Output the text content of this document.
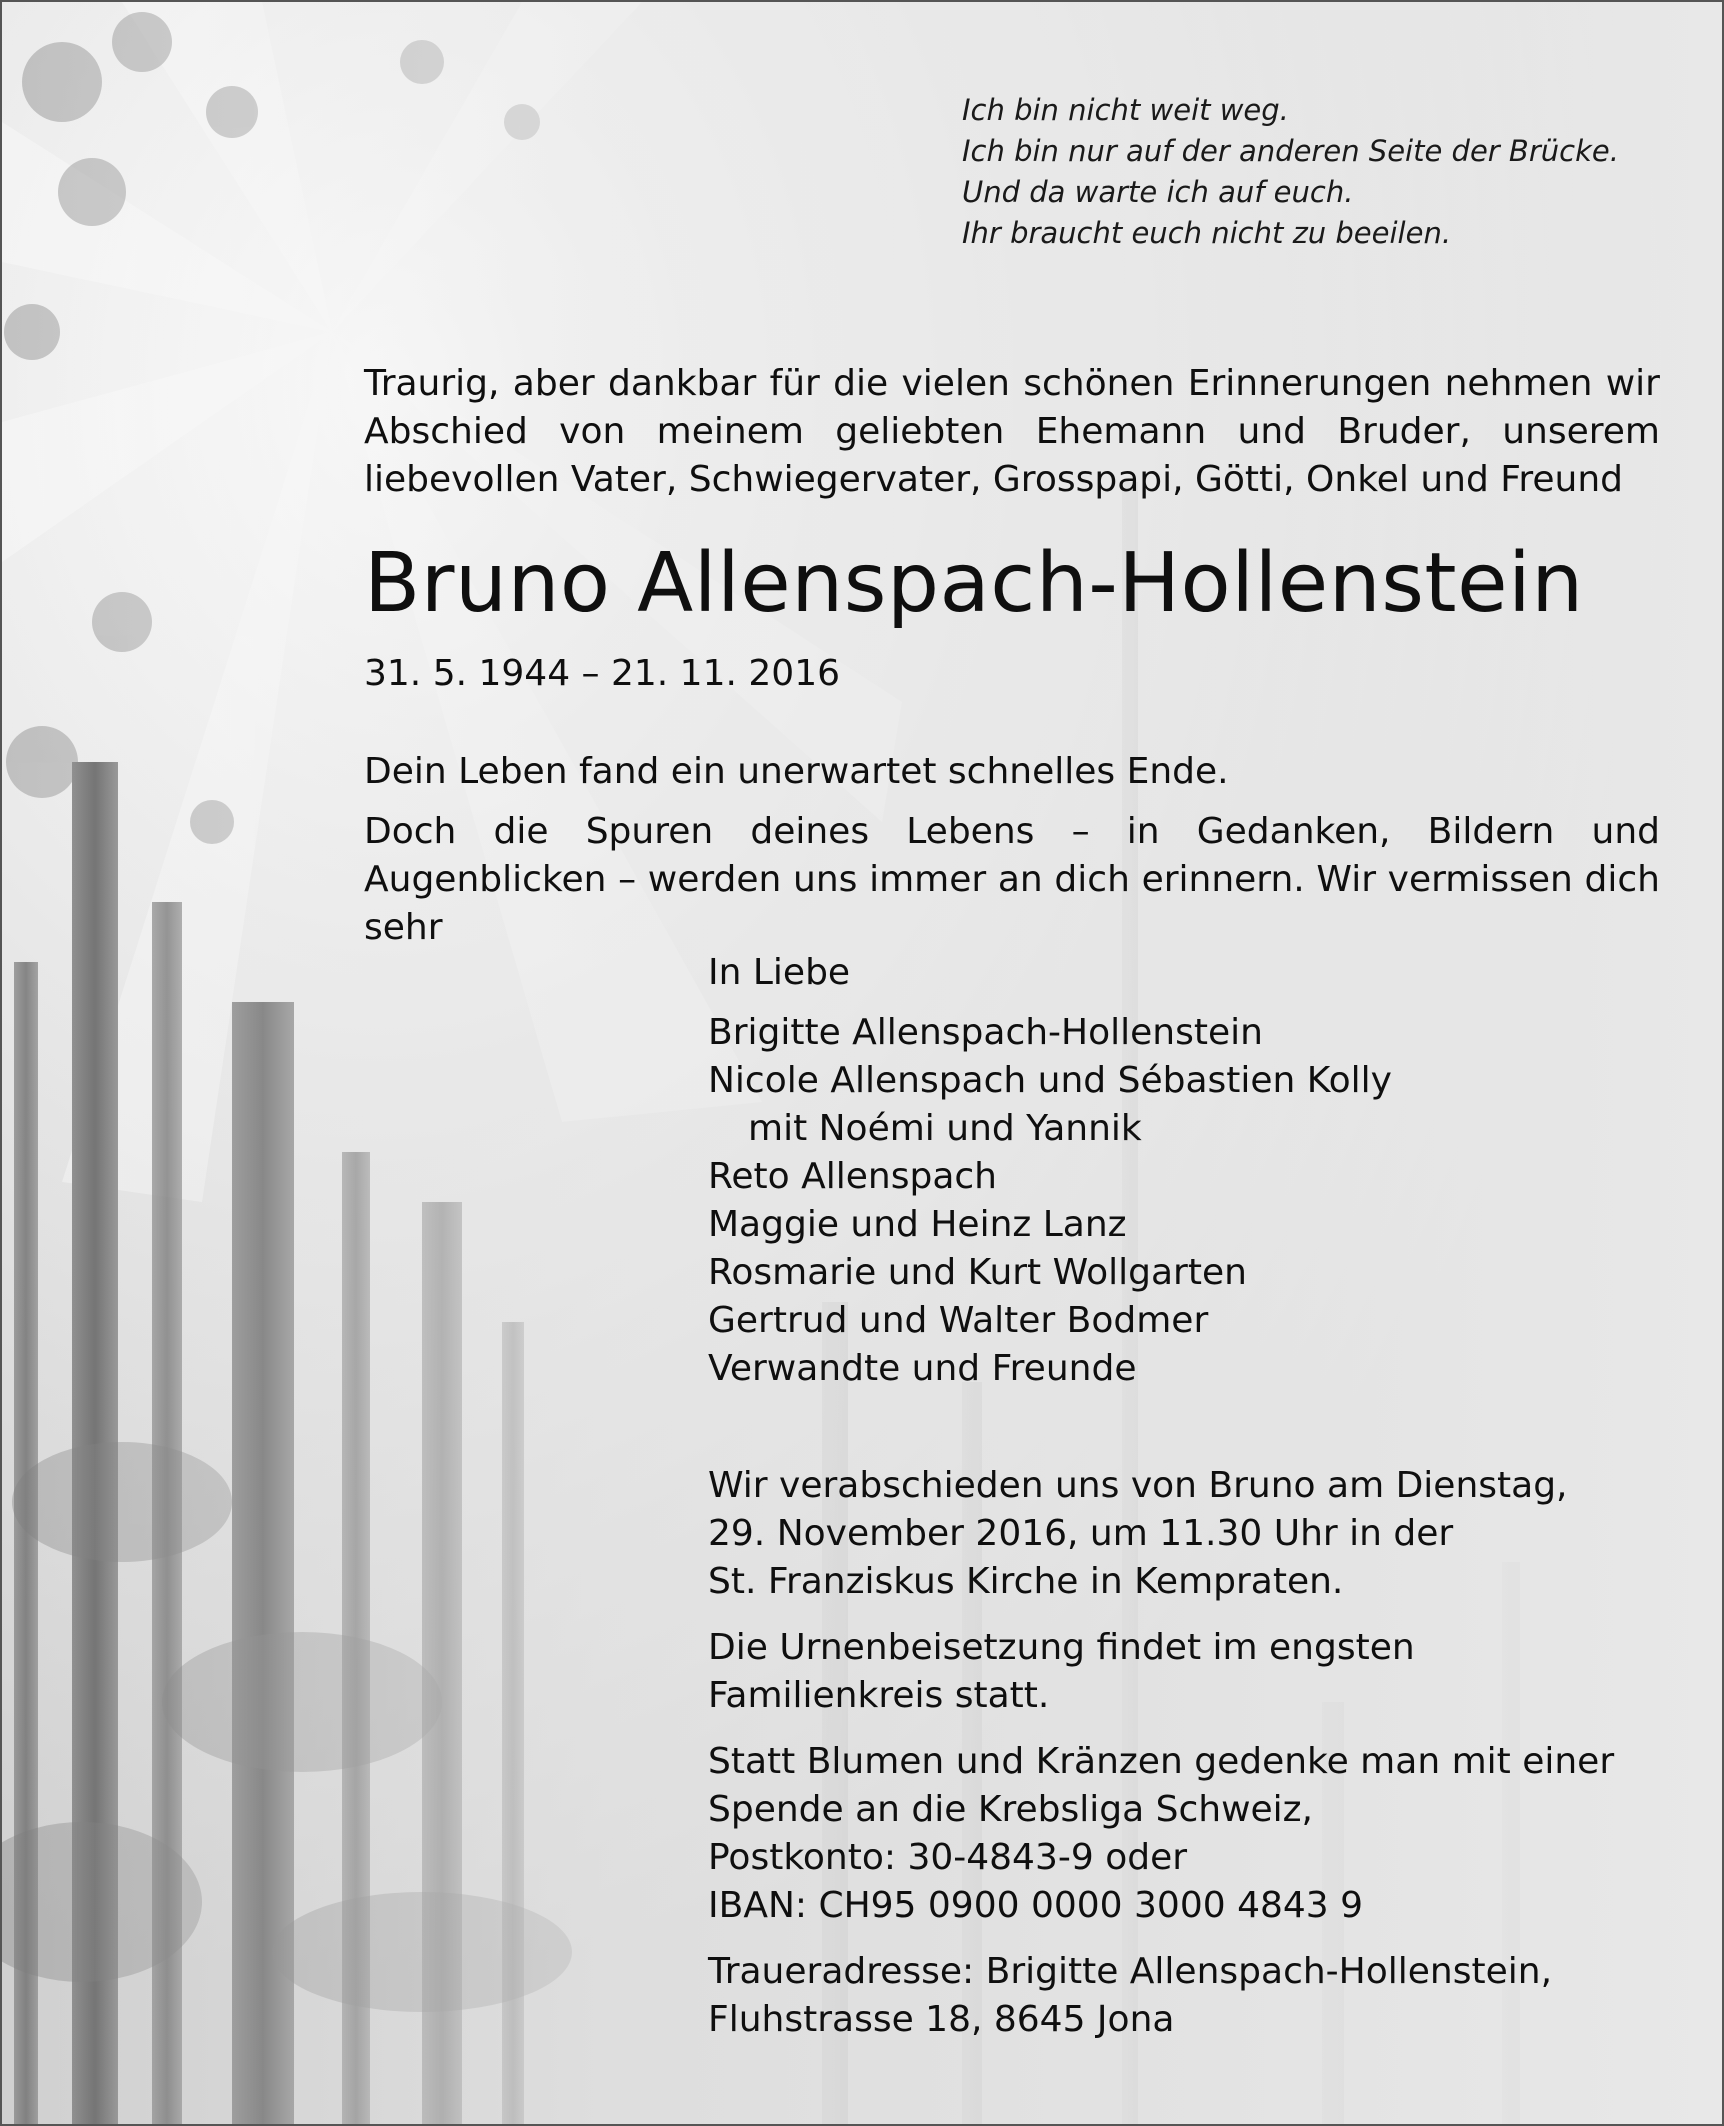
Ich bin nicht weit weg.
Ich bin nur auf der anderen Seite der Brücke.
Und da warte ich auf euch.
Ihr braucht euch nicht zu beeilen.
Traurig, aber dankbar für die vielen schönen Erinnerungen nehmen wir Abschied von meinem geliebten Ehemann und Bruder, unserem liebevollen Vater, Schwiegervater, Grosspapi, Götti, Onkel und Freund
Bruno Allenspach-Hollenstein
31. 5. 1944 – 21. 11. 2016

Dein Leben fand ein unerwartet schnelles Ende.

Doch die Spuren deines Lebens – in Gedanken, Bildern und Augenblicken – werden uns immer an dich erinnern. Wir vermissen dich sehr

In Liebe
Brigitte Allenspach-Hollenstein
Nicole Allenspach und Sébastien Kolly
mit Noémi und Yannik
Reto Allenspach
Maggie und Heinz Lanz
Rosmarie und Kurt Wollgarten
Gertrud und Walter Bodmer
Verwandte und Freunde

Wir verabschieden uns von Bruno am Dienstag,
29. November 2016, um 11.30 Uhr in der
St. Franziskus Kirche in Kempraten.

Die Urnenbeisetzung findet im engsten
Familienkreis statt.

Statt Blumen und Kränzen gedenke man mit einer
Spende an die Krebsliga Schweiz,
Postkonto: 30-4843-9 oder
IBAN: CH95 0900 0000 3000 4843 9

Traueradresse: Brigitte Allenspach-Hollenstein,
Fluhstrasse 18, 8645 Jona
